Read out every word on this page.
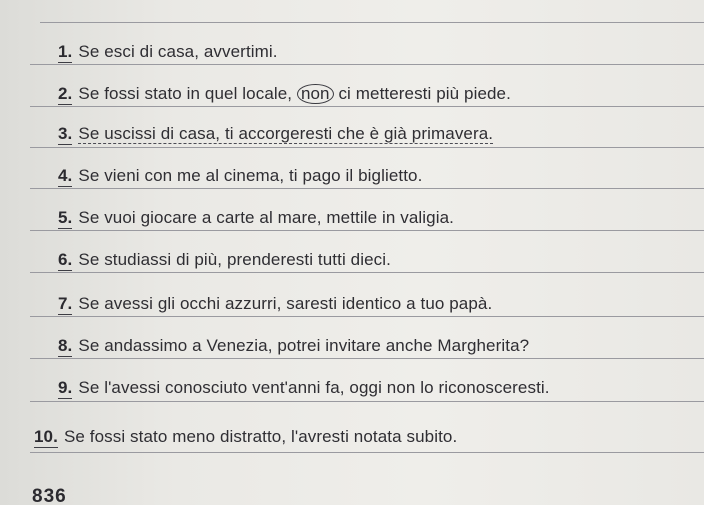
1. Se esci di casa, avvertimi.
2. Se fossi stato in quel locale, non ci metteresti più piede.
3. Se uscissi di casa, ti accorgeresti che è già primavera.
4. Se vieni con me al cinema, ti pago il biglietto.
5. Se vuoi giocare a carte al mare, mettile in valigia.
6. Se studiassi di più, prenderesti tutti dieci.
7. Se avessi gli occhi azzurri, saresti identico a tuo papà.
8. Se andassimo a Venezia, potrei invitare anche Margherita?
9. Se l'avessi conosciuto vent'anni fa, oggi non lo riconosceresti.
10. Se fossi stato meno distratto, l'avresti notata subito.
836
